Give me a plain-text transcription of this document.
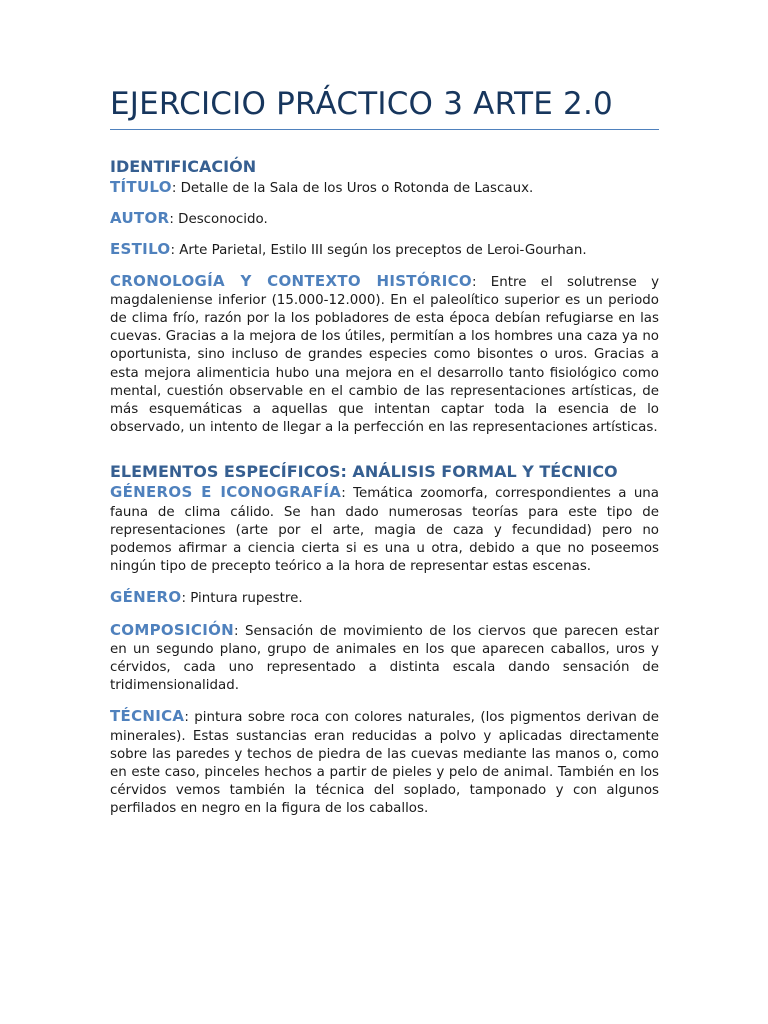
EJERCICIO PRÁCTICO 3 ARTE 2.0
IDENTIFICACIÓN

TÍTULO: Detalle de la Sala de los Uros o Rotonda de Lascaux.

AUTOR: Desconocido.

ESTILO: Arte Parietal, Estilo III según los preceptos de Leroi-Gourhan.

CRONOLOGÍA Y CONTEXTO HISTÓRICO: Entre el solutrense y magdaleniense inferior (15.000-12.000). En el paleolítico superior es un periodo de clima frío, razón por la los pobladores de esta época debían refugiarse en las cuevas. Gracias a la mejora de los útiles, permitían a los hombres una caza ya no oportunista, sino incluso de grandes especies como bisontes o uros. Gracias a esta mejora alimenticia hubo una mejora en el desarrollo tanto fisiológico como mental, cuestión observable en el cambio de las representaciones artísticas, de más esquemáticas a aquellas que intentan captar toda la esencia de lo observado, un intento de llegar a la perfección en las representaciones artísticas.

ELEMENTOS ESPECÍFICOS: ANÁLISIS FORMAL Y TÉCNICO

GÉNEROS E ICONOGRAFÍA: Temática zoomorfa, correspondientes a una fauna de clima cálido. Se han dado numerosas teorías para este tipo de representaciones (arte por el arte, magia de caza y fecundidad) pero no podemos afirmar a ciencia cierta si es una u otra, debido a que no poseemos ningún tipo de precepto teórico a la hora de representar estas escenas.

GÉNERO: Pintura rupestre.

COMPOSICIÓN: Sensación de movimiento de los ciervos que parecen estar en un segundo plano, grupo de animales en los que aparecen caballos, uros y cérvidos, cada uno representado a distinta escala dando sensación de tridimensionalidad.

TÉCNICA: pintura sobre roca con colores naturales, (los pigmentos derivan de minerales). Estas sustancias eran reducidas a polvo y aplicadas directamente sobre las paredes y techos de piedra de las cuevas mediante las manos o, como en este caso, pinceles hechos a partir de pieles y pelo de animal. También en los cérvidos vemos también la técnica del soplado, tamponado y con algunos perfilados en negro en la figura de los caballos.
